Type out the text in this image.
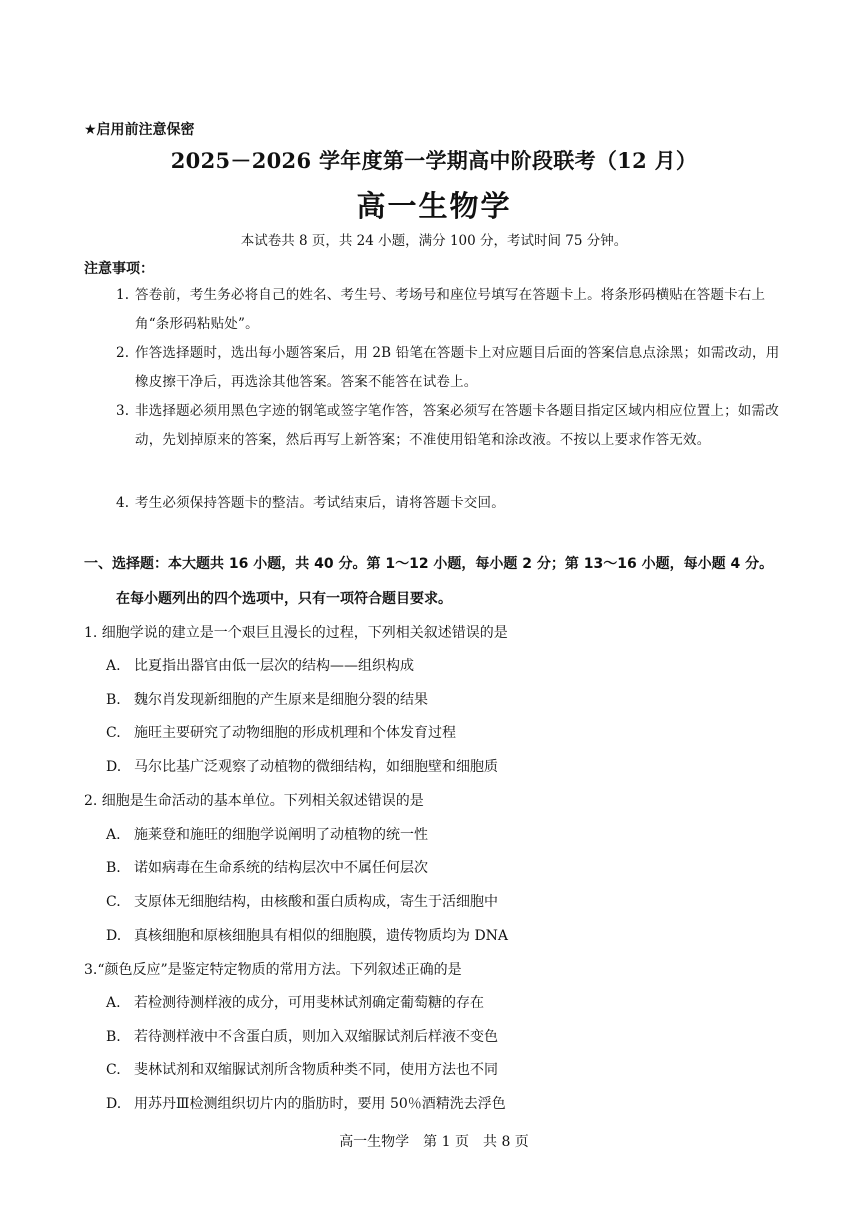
★启用前注意保密
2025－2026 学年度第一学期高中阶段联考（12 月）
高一生物学
本试卷共 8 页，共 24 小题，满分 100 分，考试时间 75 分钟。
注意事项：
1. 答卷前，考生务必将自己的姓名、考生号、考场号和座位号填写在答题卡上。将条形码横贴在答题卡右上角“条形码粘贴处”。
2. 作答选择题时，选出每小题答案后，用 2B 铅笔在答题卡上对应题目后面的答案信息点涂黑；如需改动，用橡皮擦干净后，再选涂其他答案。答案不能答在试卷上。
3. 非选择题必须用黑色字迹的钢笔或签字笔作答，答案必须写在答题卡各题目指定区域内相应位置上；如需改动，先划掉原来的答案，然后再写上新答案；不准使用铅笔和涂改液。不按以上要求作答无效。
4. 考生必须保持答题卡的整洁。考试结束后，请将答题卡交回。
一、选择题：本大题共 16 小题，共 40 分。第 1～12 小题，每小题 2 分；第 13～16 小题，每小题 4 分。
在每小题列出的四个选项中，只有一项符合题目要求。
1. 细胞学说的建立是一个艰巨且漫长的过程，下列相关叙述错误的是
A. 比夏指出器官由低一层次的结构——组织构成
B. 魏尔肖发现新细胞的产生原来是细胞分裂的结果
C. 施旺主要研究了动物细胞的形成机理和个体发育过程
D. 马尔比基广泛观察了动植物的微细结构，如细胞壁和细胞质
2. 细胞是生命活动的基本单位。下列相关叙述错误的是
A. 施莱登和施旺的细胞学说阐明了动植物的统一性
B. 诺如病毒在生命系统的结构层次中不属任何层次
C. 支原体无细胞结构，由核酸和蛋白质构成，寄生于活细胞中
D. 真核细胞和原核细胞具有相似的细胞膜，遗传物质均为 DNA
3.“颜色反应”是鉴定特定物质的常用方法。下列叙述正确的是
A. 若检测待测样液的成分，可用斐林试剂确定葡萄糖的存在
B. 若待测样液中不含蛋白质，则加入双缩脲试剂后样液不变色
C. 斐林试剂和双缩脲试剂所含物质种类不同，使用方法也不同
D. 用苏丹Ⅲ检测组织切片内的脂肪时，要用 50％酒精洗去浮色
高一生物学　第 1 页　共 8 页
